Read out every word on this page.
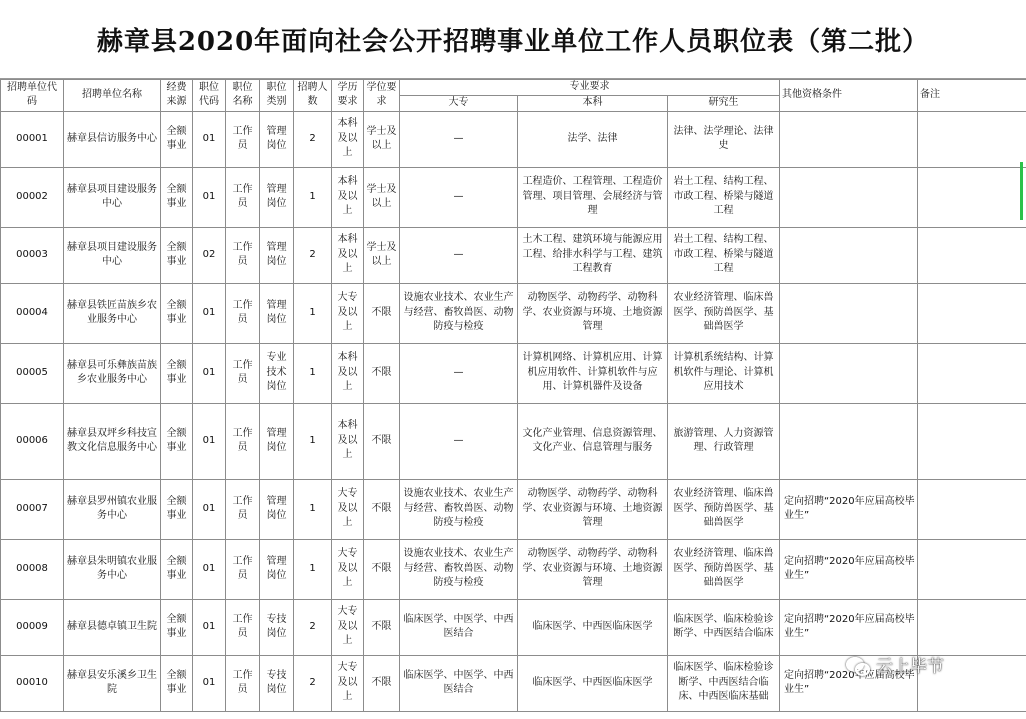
赫章县2020年面向社会公开招聘事业单位工作人员职位表（第二批）
招聘单位代码	招聘单位名称	经费来源	职位代码	职位名称	职位类别	招聘人数	学历要求	学位要求	专业要求			其他资格条件	备注
									大专	本科	研究生		
00001	赫章县信访服务中心	全额事业	01	工作员	管理岗位	2	本科及以上	学士及以上	—	法学、法律	法律、法学理论、法律史		
00002	赫章县项目建设服务中心	全额事业	01	工作员	管理岗位	1	本科及以上	学士及以上	—	工程造价、工程管理、工程造价管理、项目管理、会展经济与管理	岩土工程、结构工程、市政工程、桥梁与隧道工程		
00003	赫章县项目建设服务中心	全额事业	02	工作员	管理岗位	2	本科及以上	学士及以上	—	土木工程、建筑环境与能源应用工程、给排水科学与工程、建筑工程教育	岩土工程、结构工程、市政工程、桥梁与隧道工程		
00004	赫章县铁匠苗族乡农业服务中心	全额事业	01	工作员	管理岗位	1	大专及以上	不限	设施农业技术、农业生产与经营、畜牧兽医、动物防疫与检疫	动物医学、动物药学、动物科学、农业资源与环境、土地资源管理	农业经济管理、临床兽医学、预防兽医学、基础兽医学		
00005	赫章县可乐彝族苗族乡农业服务中心	全额事业	01	工作员	专业技术岗位	1	本科及以上	不限	—	计算机网络、计算机应用、计算机应用软件、计算机软件与应用、计算机器件及设备	计算机系统结构、计算机软件与理论、计算机应用技术		
00006	赫章县双坪乡科技宣教文化信息服务中心	全额事业	01	工作员	管理岗位	1	本科及以上	不限	—	文化产业管理、信息资源管理、文化产业、信息管理与服务	旅游管理、人力资源管理、行政管理		
00007	赫章县罗州镇农业服务中心	全额事业	01	工作员	管理岗位	1	大专及以上	不限	设施农业技术、农业生产与经营、畜牧兽医、动物防疫与检疫	动物医学、动物药学、动物科学、农业资源与环境、土地资源管理	农业经济管理、临床兽医学、预防兽医学、基础兽医学	定向招聘“2020年应届高校毕业生”	
00008	赫章县朱明镇农业服务中心	全额事业	01	工作员	管理岗位	1	大专及以上	不限	设施农业技术、农业生产与经营、畜牧兽医、动物防疫与检疫	动物医学、动物药学、动物科学、农业资源与环境、土地资源管理	农业经济管理、临床兽医学、预防兽医学、基础兽医学	定向招聘“2020年应届高校毕业生”	
00009	赫章县德卓镇卫生院	全额事业	01	工作员	专技岗位	2	大专及以上	不限	临床医学、中医学、中西医结合	临床医学、中西医临床医学	临床医学、临床检验诊断学、中西医结合临床	定向招聘“2020年应届高校毕业生”	
00010	赫章县安乐溪乡卫生院	全额事业	01	工作员	专技岗位	2	大专及以上	不限	临床医学、中医学、中西医结合	临床医学、中西医临床医学	临床医学、临床检验诊断学、中西医结合临床、中西医临床基础	定向招聘“2020年应届高校毕业生”	
云上毕节
